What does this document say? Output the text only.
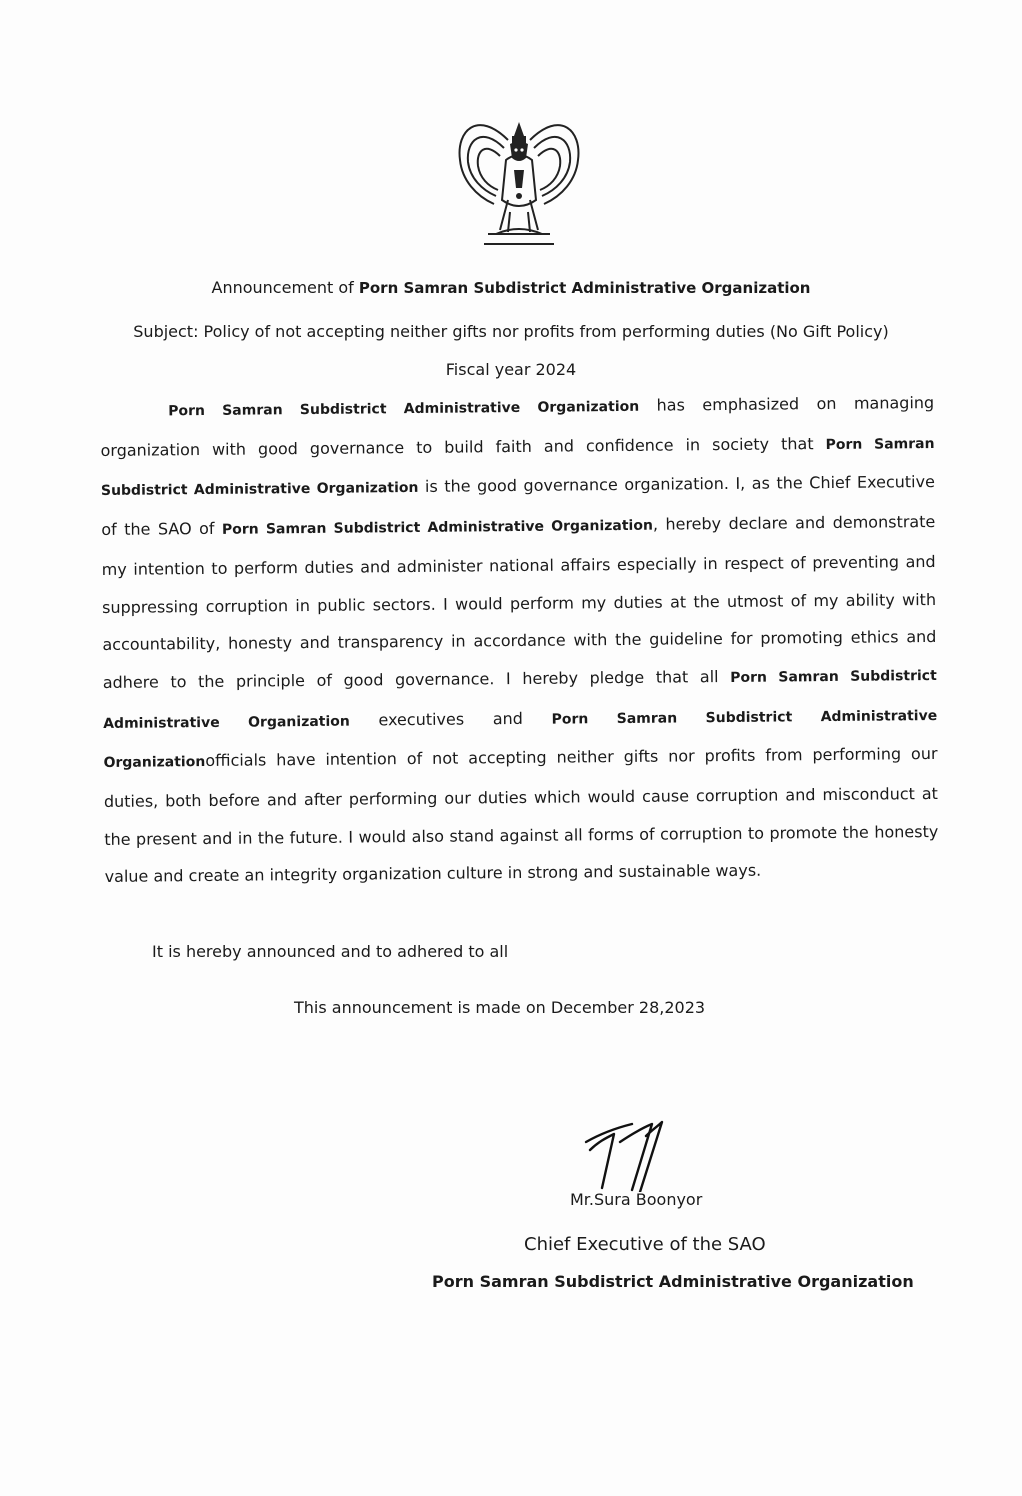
Announcement of Porn Samran Subdistrict Administrative Organization
Subject: Policy of not accepting neither gifts nor profits from performing duties (No Gift Policy)
Fiscal year 2024
Porn Samran Subdistrict Administrative Organization has emphasized on managing organization with good governance to build faith and confidence in society that Porn Samran Subdistrict Administrative Organization is the good governance organization. I, as the Chief Executive of the SAO of Porn Samran Subdistrict Administrative Organization, hereby declare and demonstrate my intention to perform duties and administer national affairs especially in respect of preventing and suppressing corruption in public sectors. I would perform my duties at the utmost of my ability with accountability, honesty and transparency in accordance with the guideline for promoting ethics and adhere to the principle of good governance. I hereby pledge that all Porn Samran Subdistrict Administrative Organization executives and Porn Samran Subdistrict Administrative Organizationofficials have intention of not accepting neither gifts nor profits from performing our duties, both before and after performing our duties which would cause corruption and misconduct at the present and in the future. I would also stand against all forms of corruption to promote the honesty value and create an integrity organization culture in strong and sustainable ways.
It is hereby announced and to adhered to all
This announcement is made on December 28,2023
Mr.Sura Boonyor
Chief Executive of the SAO
Porn Samran Subdistrict Administrative Organization
